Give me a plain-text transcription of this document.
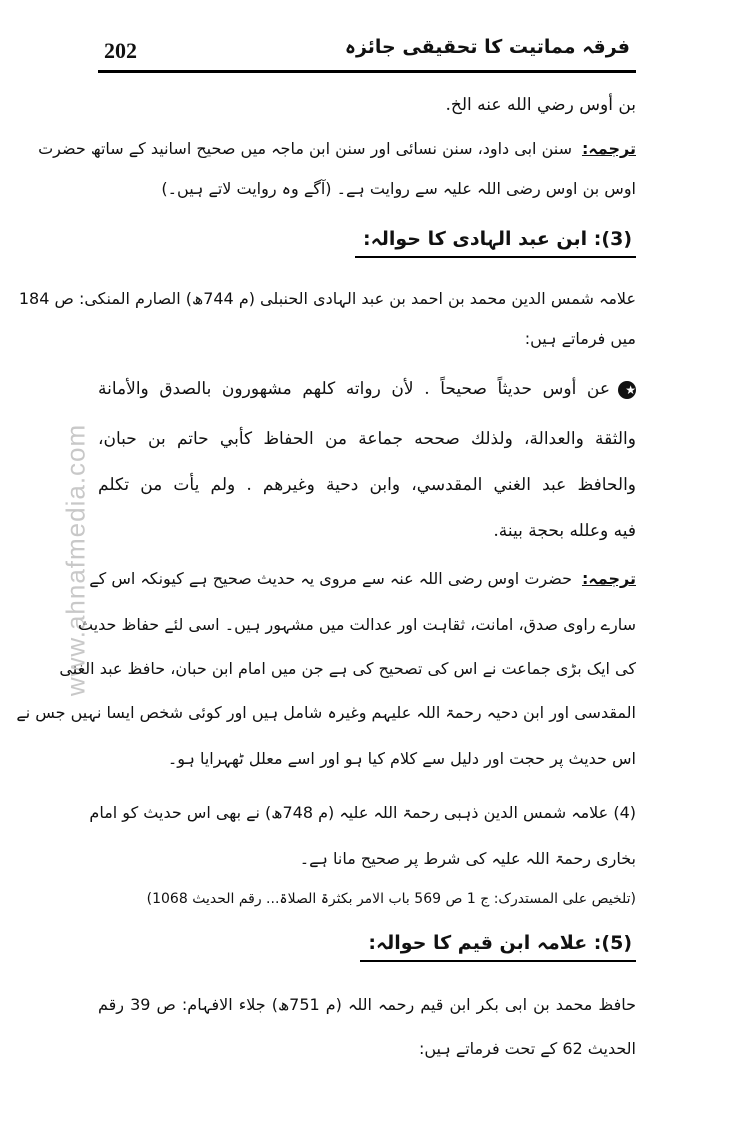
202	فرقہ مماتیت کا تحقیقی جائزہ
www.ahnafmedia.com
بن أوس رضي الله عنه الخ.
ترجمہ:سنن ابی داود، سنن نسائی اور سنن ابن ماجہ میں صحیح اسانید کے ساتھ حضرت
اوس بن اوس رضی اللہ علیہ سے روایت ہے۔ (آگے وہ روایت لاتے ہیں۔)
(3): ابن عبد الہادی کا حوالہ:
علامہ شمس الدین محمد بن احمد بن عبد الہادی الحنبلی (م 744ھ) الصارم المنکی: ص 184
میں فرماتے ہیں:
★عن أوس حديثاً صحيحاً . لأن رواته كلهم مشهورون بالصدق والأمانة
والثقة والعدالة، ولذلك صححه جماعة من الحفاظ كأبي حاتم بن حبان،
والحافظ عبد الغني المقدسي، وابن دحية وغيرهم . ولم يأت من تكلم
فيه وعلله بحجة بينة.
ترجمہ:حضرت اوس رضی اللہ عنہ سے مروی یہ حدیث صحیح ہے کیونکہ اس کے
سارے راوی صدق، امانت، ثقاہت اور عدالت میں مشہور ہیں۔ اسی لئے حفاظ حدیث
کی ایک بڑی جماعت نے اس کی تصحیح کی ہے جن میں امام ابن حبان، حافظ عبد الغنی
المقدسی اور ابن دحیہ رحمۃ اللہ علیہم وغیرہ شامل ہیں اور کوئی شخص ایسا نہیں جس نے
اس حدیث پر حجت اور دلیل سے کلام کیا ہو اور اسے معلل ٹھہرایا ہو۔
(4) علامہ شمس الدین ذہبی رحمۃ اللہ علیہ (م 748ھ) نے بھی اس حدیث کو امام
بخاری رحمۃ اللہ علیہ کی شرط پر صحیح مانا ہے۔
(تلخیص علی المستدرک: ج 1 ص 569 باب الامر بکثرۃ الصلاۃ... رقم الحدیث 1068)
(5): علامہ ابن قیم کا حوالہ:
حافظ محمد بن ابی بکر ابن قیم رحمہ اللہ (م 751ھ) جلاء الافہام: ص 39 رقم
الحدیث 62 کے تحت فرماتے ہیں:
